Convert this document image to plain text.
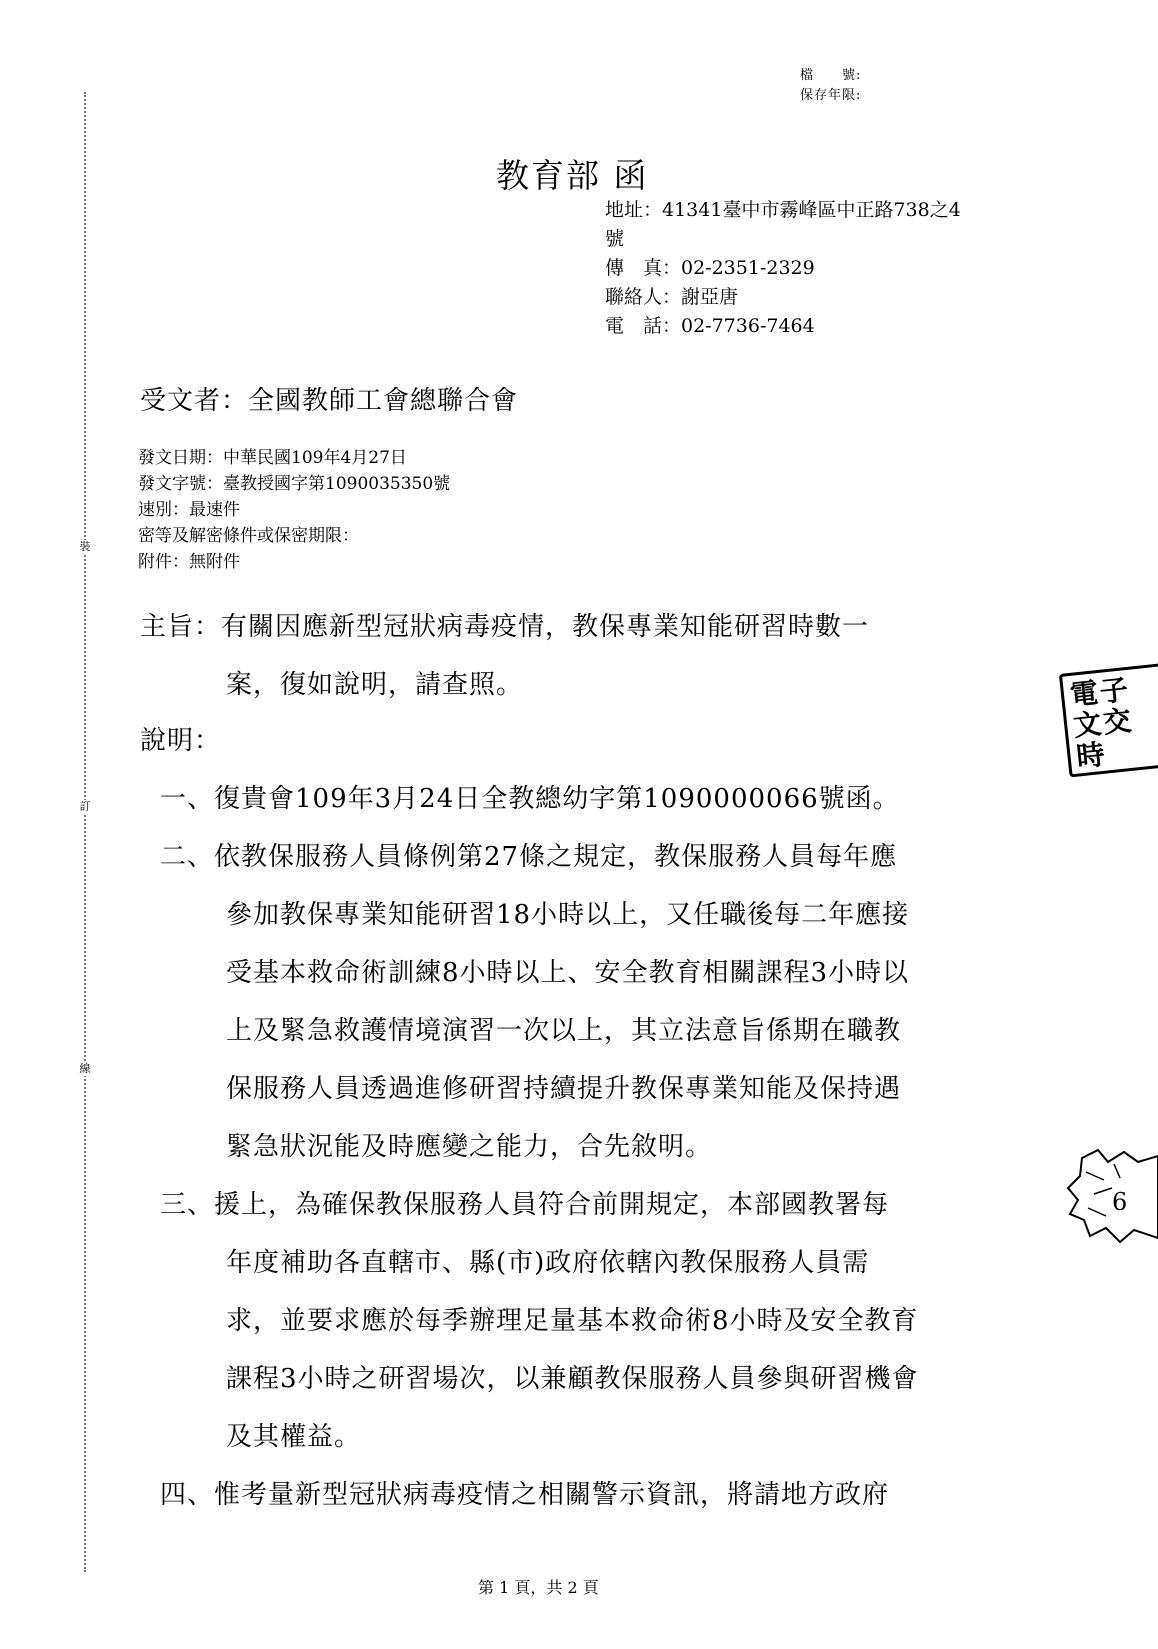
裝
訂
線
檔　　號:
保存年限:
教育部 函
地址：41341臺中市霧峰區中正路738之4
號
傳　真：02-2351-2329
聯絡人：謝亞唐
電　話：02-7736-7464
受文者：全國教師工會總聯合會
發文日期：中華民國109年4月27日
發文字號：臺教授國字第1090035350號
速別：最速件
密等及解密條件或保密期限：
附件：無附件
主旨：有關因應新型冠狀病毒疫情，教保專業知能研習時數一
案，復如說明，請查照。
說明：
一、復貴會109年3月24日全教總幼字第1090000066號函。
二、依教保服務人員條例第27條之規定，教保服務人員每年應
參加教保專業知能研習18小時以上，又任職後每二年應接
受基本救命術訓練8小時以上、安全教育相關課程3小時以
上及緊急救護情境演習一次以上，其立法意旨係期在職教
保服務人員透過進修研習持續提升教保專業知能及保持遇
緊急狀況能及時應變之能力，合先敘明。
三、援上，為確保教保服務人員符合前開規定，本部國教署每
年度補助各直轄市、縣(市)政府依轄內教保服務人員需
求，並要求應於每季辦理足量基本救命術8小時及安全教育
課程3小時之研習場次，以兼顧教保服務人員參與研習機會
及其權益。
四、惟考量新型冠狀病毒疫情之相關警示資訊，將請地方政府
電子
文交
時
6
第 1 頁，共 2 頁
